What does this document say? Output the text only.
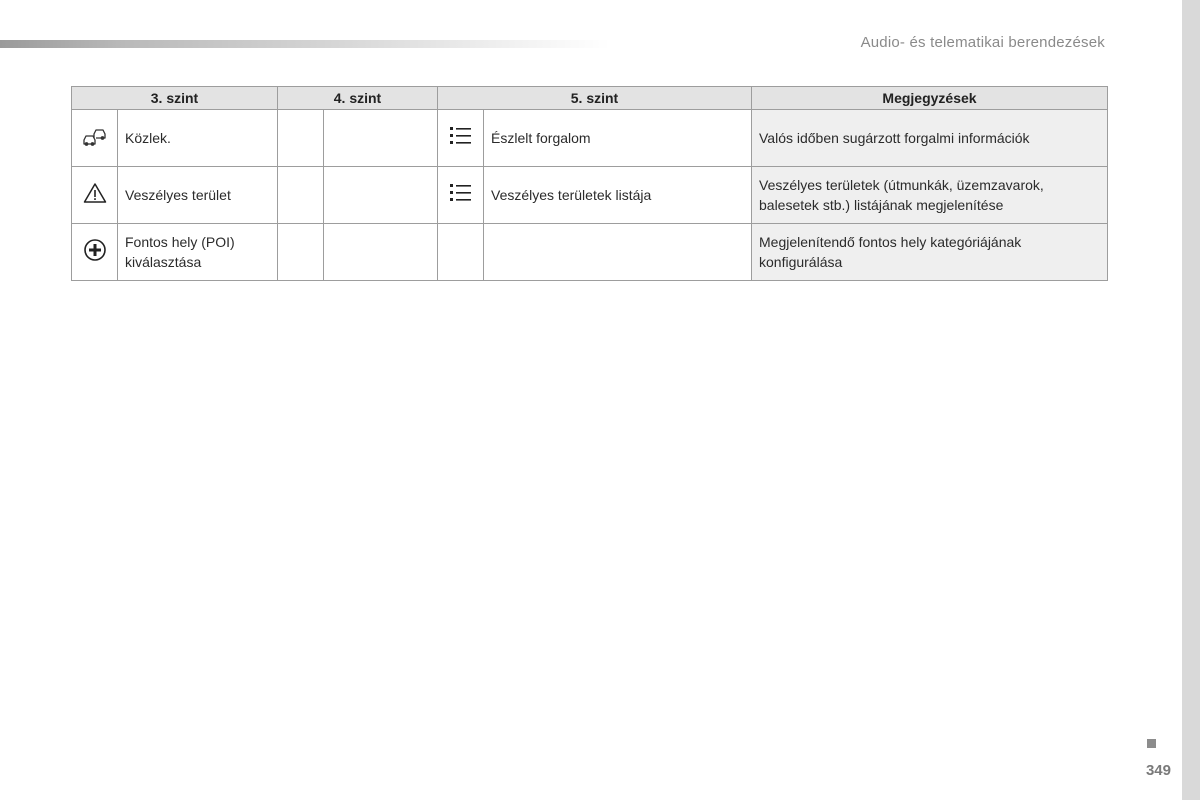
Audio- és telematikai berendezések
3. szint		4. szint		5. szint		Megjegyzések
	Közlek.				Észlelt forgalom	Valós időben sugárzott forgalmi információk
	Veszélyes terület				Veszélyes területek listája	Veszélyes területek (útmunkák, üzemzavarok, balesetek stb.) listájának megjelenítése
	Fontos hely (POI) kiválasztása					Megjelenítendő fontos hely kategóriájának konfigurálása
349
